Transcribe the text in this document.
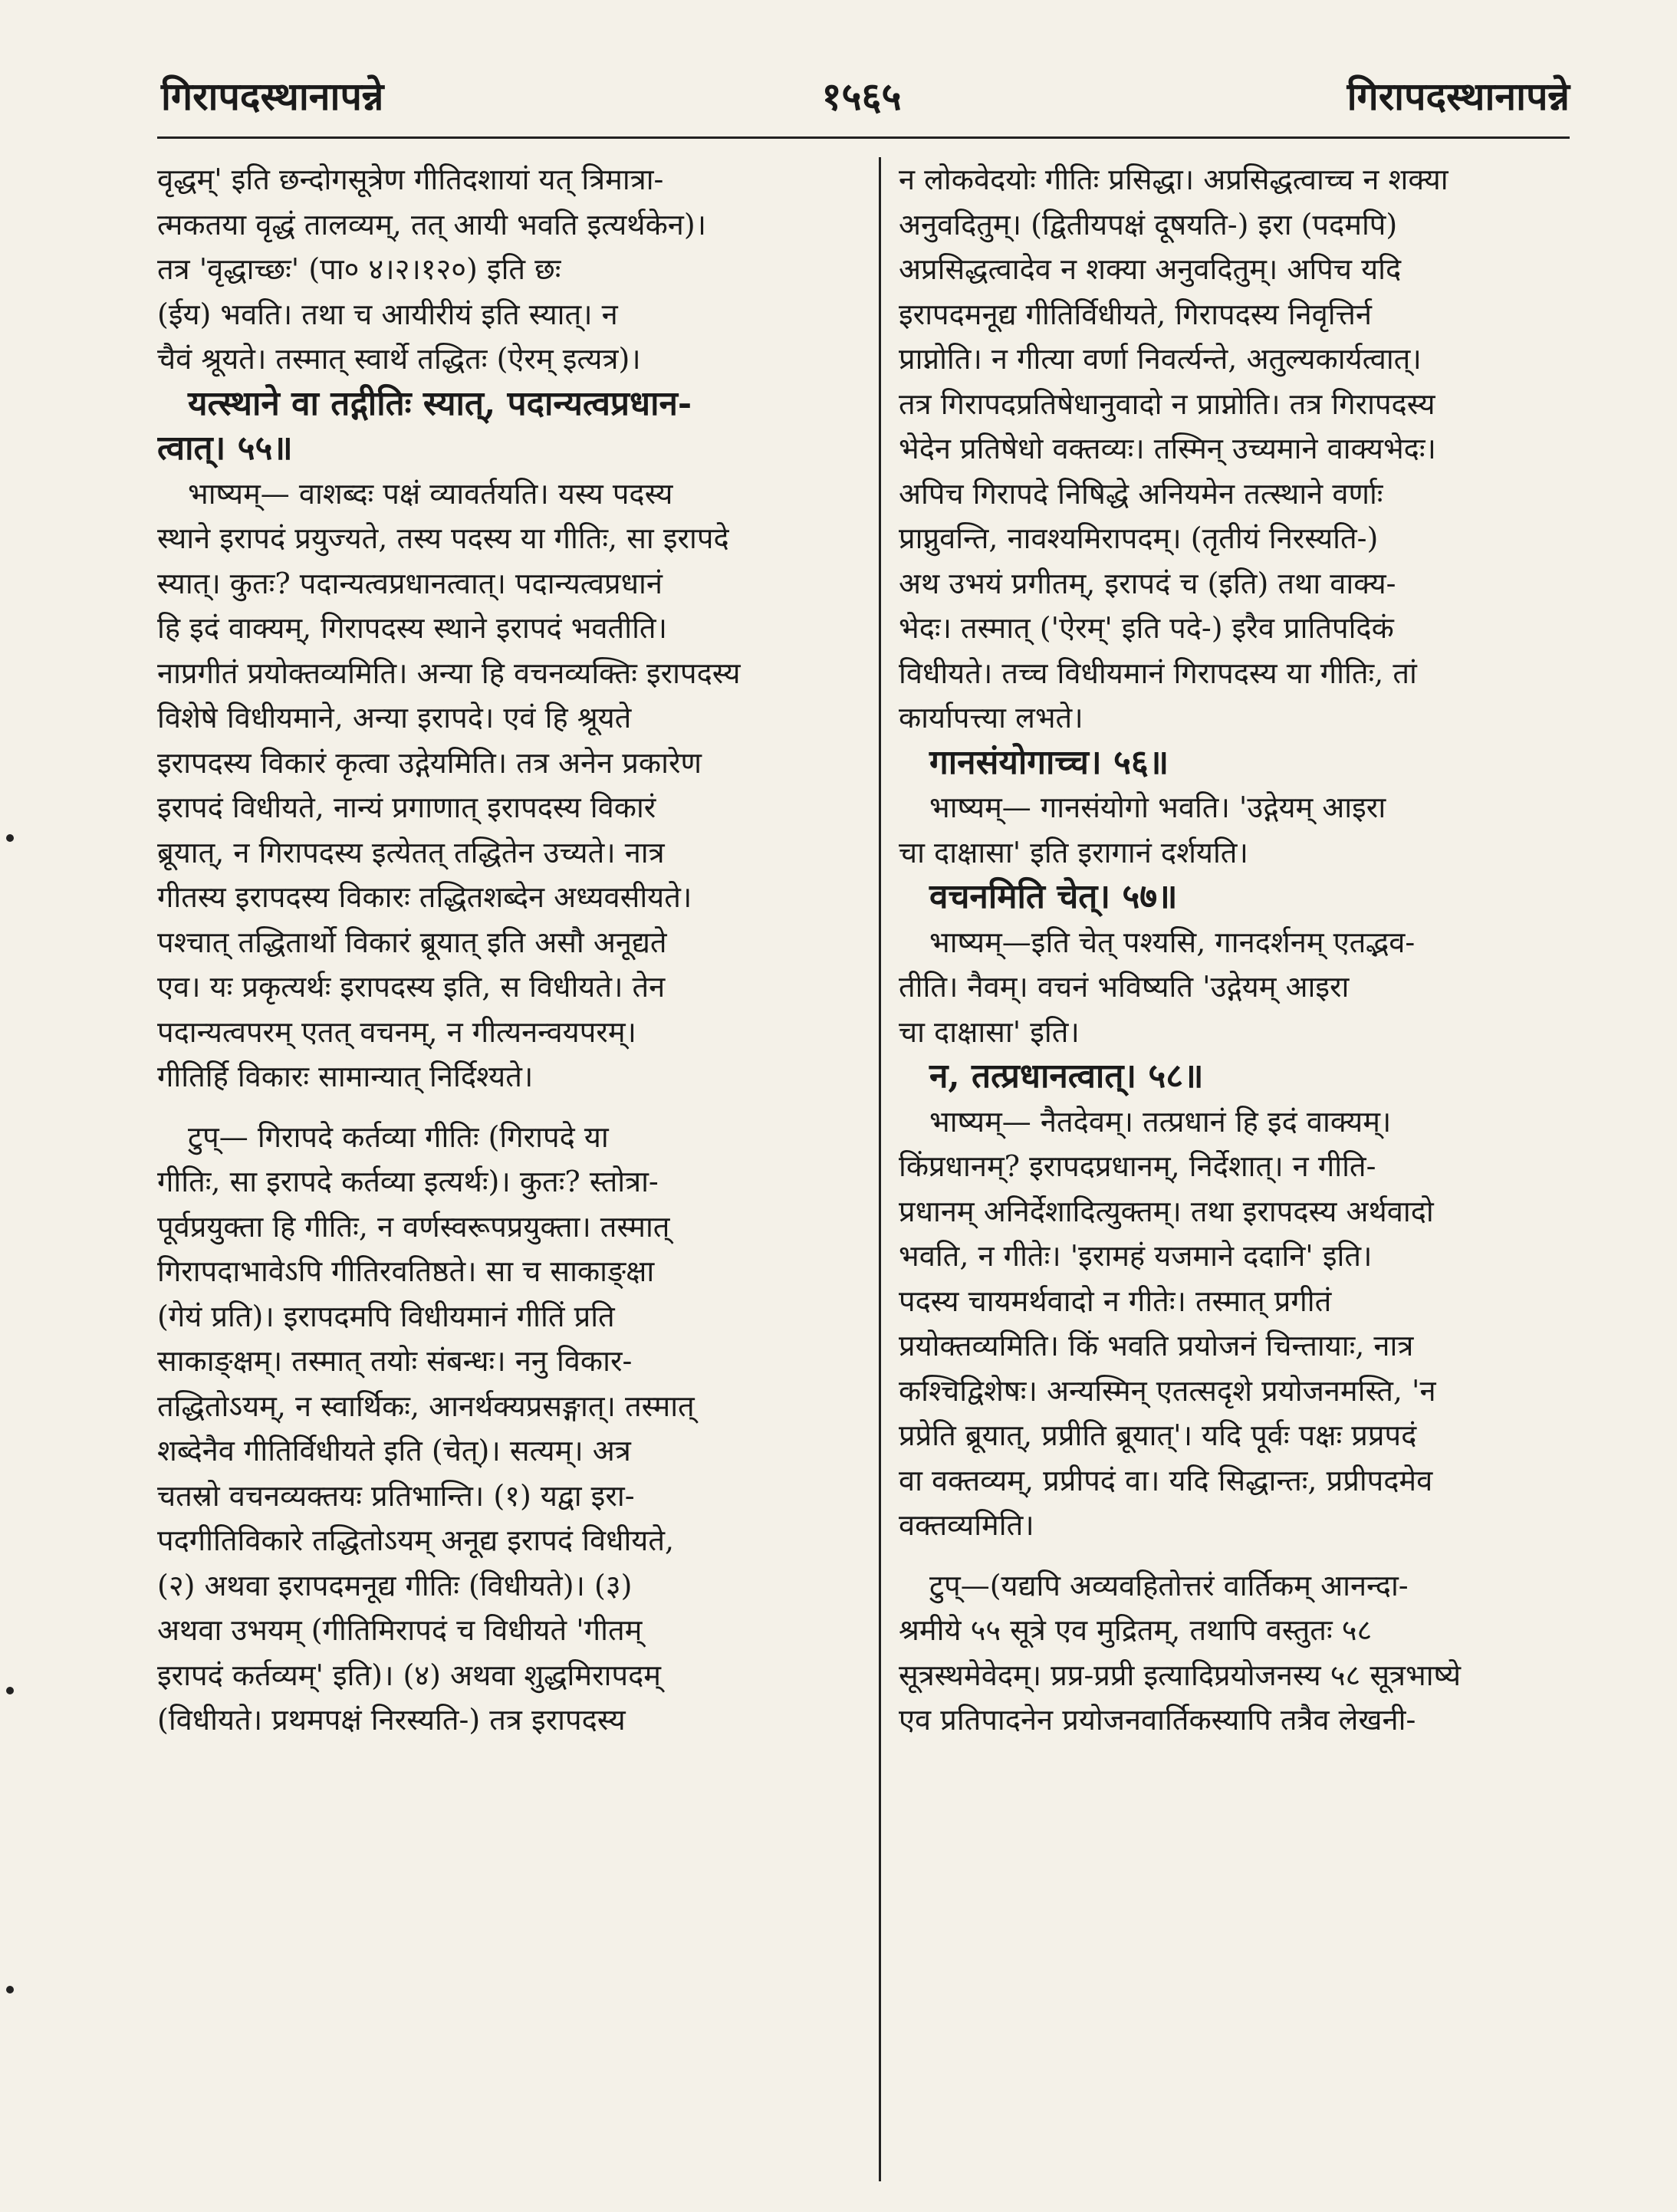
गिरापदस्थानापन्ने	१५६५	गिरापदस्थानापन्ने
वृद्धम्' इति छन्दोगसूत्रेण गीतिदशायां यत् त्रिमात्रा-
त्मकतया वृद्धं तालव्यम्, तत् आयी भवति इत्यर्थकेन)।
तत्र 'वृद्धाच्छः' (पा० ४।२।१२०) इति छः
(ईय) भवति। तथा च आयीरीयं इति स्यात्। न
चैवं श्रूयते। तस्मात् स्वार्थे तद्धितः (ऐरम् इत्यत्र)।
यत्स्थाने वा तद्गीतिः स्यात्, पदान्यत्वप्रधान-
त्वात्। ५५॥
भाष्यम्— वाशब्दः पक्षं व्यावर्तयति। यस्य पदस्य
स्थाने इरापदं प्रयुज्यते, तस्य पदस्य या गीतिः, सा इरापदे
स्यात्। कुतः? पदान्यत्वप्रधानत्वात्। पदान्यत्वप्रधानं
हि इदं वाक्यम्, गिरापदस्य स्थाने इरापदं भवतीति।
नाप्रगीतं प्रयोक्तव्यमिति। अन्या हि वचनव्यक्तिः इरापदस्य
विशेषे विधीयमाने, अन्या इरापदे। एवं हि श्रूयते
इरापदस्य विकारं कृत्वा उद्गेयमिति। तत्र अनेन प्रकारेण
इरापदं विधीयते, नान्यं प्रगाणात् इरापदस्य विकारं
ब्रूयात्, न गिरापदस्य इत्येतत् तद्धितेन उच्यते। नात्र
गीतस्य इरापदस्य विकारः तद्धितशब्देन अध्यवसीयते।
पश्चात् तद्धितार्थो विकारं ब्रूयात् इति असौ अनूद्यते
एव। यः प्रकृत्यर्थः इरापदस्य इति, स विधीयते। तेन
पदान्यत्वपरम् एतत् वचनम्, न गीत्यनन्वयपरम्।
गीतिर्हि विकारः सामान्यात् निर्दिश्यते।
टुप्— गिरापदे कर्तव्या गीतिः (गिरापदे या
गीतिः, सा इरापदे कर्तव्या इत्यर्थः)। कुतः? स्तोत्रा-
पूर्वप्रयुक्ता हि गीतिः, न वर्णस्वरूपप्रयुक्ता। तस्मात्
गिरापदाभावेऽपि गीतिरवतिष्ठते। सा च साकाङ्क्षा
(गेयं प्रति)। इरापदमपि विधीयमानं गीतिं प्रति
साकाङ्क्षम्। तस्मात् तयोः संबन्धः। ननु विकार-
तद्धितोऽयम्, न स्वार्थिकः, आनर्थक्यप्रसङ्गात्। तस्मात्
शब्देनैव गीतिर्विधीयते इति (चेत्)। सत्यम्। अत्र
चतस्रो वचनव्यक्तयः प्रतिभान्ति। (१) यद्वा इरा-
पदगीतिविकारे तद्धितोऽयम् अनूद्य इरापदं विधीयते,
(२) अथवा इरापदमनूद्य गीतिः (विधीयते)। (३)
अथवा उभयम् (गीतिमिरापदं च विधीयते 'गीतम्
इरापदं कर्तव्यम्' इति)। (४) अथवा शुद्धमिरापदम्
(विधीयते। प्रथमपक्षं निरस्यति-) तत्र इरापदस्य
न लोकवेदयोः गीतिः प्रसिद्धा। अप्रसिद्धत्वाच्च न शक्या
अनुवदितुम्। (द्वितीयपक्षं दूषयति-) इरा (पदमपि)
अप्रसिद्धत्वादेव न शक्या अनुवदितुम्। अपिच यदि
इरापदमनूद्य गीतिर्विधीयते, गिरापदस्य निवृत्तिर्न
प्राप्नोति। न गीत्या वर्णा निवर्त्यन्ते, अतुल्यकार्यत्वात्।
तत्र गिरापदप्रतिषेधानुवादो न प्राप्नोति। तत्र गिरापदस्य
भेदेन प्रतिषेधो वक्तव्यः। तस्मिन् उच्यमाने वाक्यभेदः।
अपिच गिरापदे निषिद्धे अनियमेन तत्स्थाने वर्णाः
प्राप्नुवन्ति, नावश्यमिरापदम्। (तृतीयं निरस्यति-)
अथ उभयं प्रगीतम्, इरापदं च (इति) तथा वाक्य-
भेदः। तस्मात् ('ऐरम्' इति पदे-) इरैव प्रातिपदिकं
विधीयते। तच्च विधीयमानं गिरापदस्य या गीतिः, तां
कार्यापत्त्या लभते।
गानसंयोगाच्च। ५६॥
भाष्यम्— गानसंयोगो भवति। 'उद्गेयम् आइरा
चा दाक्षासा' इति इरागानं दर्शयति।
वचनमिति चेत्। ५७॥
भाष्यम्—इति चेत् पश्यसि, गानदर्शनम् एतद्भव-
तीति। नैवम्। वचनं भविष्यति 'उद्गेयम् आइरा
चा दाक्षासा' इति।
न, तत्प्रधानत्वात्। ५८॥
भाष्यम्— नैतदेवम्। तत्प्रधानं हि इदं वाक्यम्।
किंप्रधानम्? इरापदप्रधानम्, निर्देशात्। न गीति-
प्रधानम् अनिर्देशादित्युक्तम्। तथा इरापदस्य अर्थवादो
भवति, न गीतेः। 'इरामहं यजमाने ददानि' इति।
पदस्य चायमर्थवादो न गीतेः। तस्मात् प्रगीतं
प्रयोक्तव्यमिति। किं भवति प्रयोजनं चिन्तायाः, नात्र
कश्चिद्विशेषः। अन्यस्मिन् एतत्सदृशे प्रयोजनमस्ति, 'न
प्रप्रेति ब्रूयात्, प्रप्रीति ब्रूयात्'। यदि पूर्वः पक्षः प्रप्रपदं
वा वक्तव्यम्, प्रप्रीपदं वा। यदि सिद्धान्तः, प्रप्रीपदमेव
वक्तव्यमिति।
टुप्—(यद्यपि अव्यवहितोत्तरं वार्तिकम् आनन्दा-
श्रमीये ५५ सूत्रे एव मुद्रितम्, तथापि वस्तुतः ५८
सूत्रस्थमेवेदम्। प्रप्र-प्रप्री इत्यादिप्रयोजनस्य ५८ सूत्रभाष्ये
एव प्रतिपादनेन प्रयोजनवार्तिकस्यापि तत्रैव लेखनी-
